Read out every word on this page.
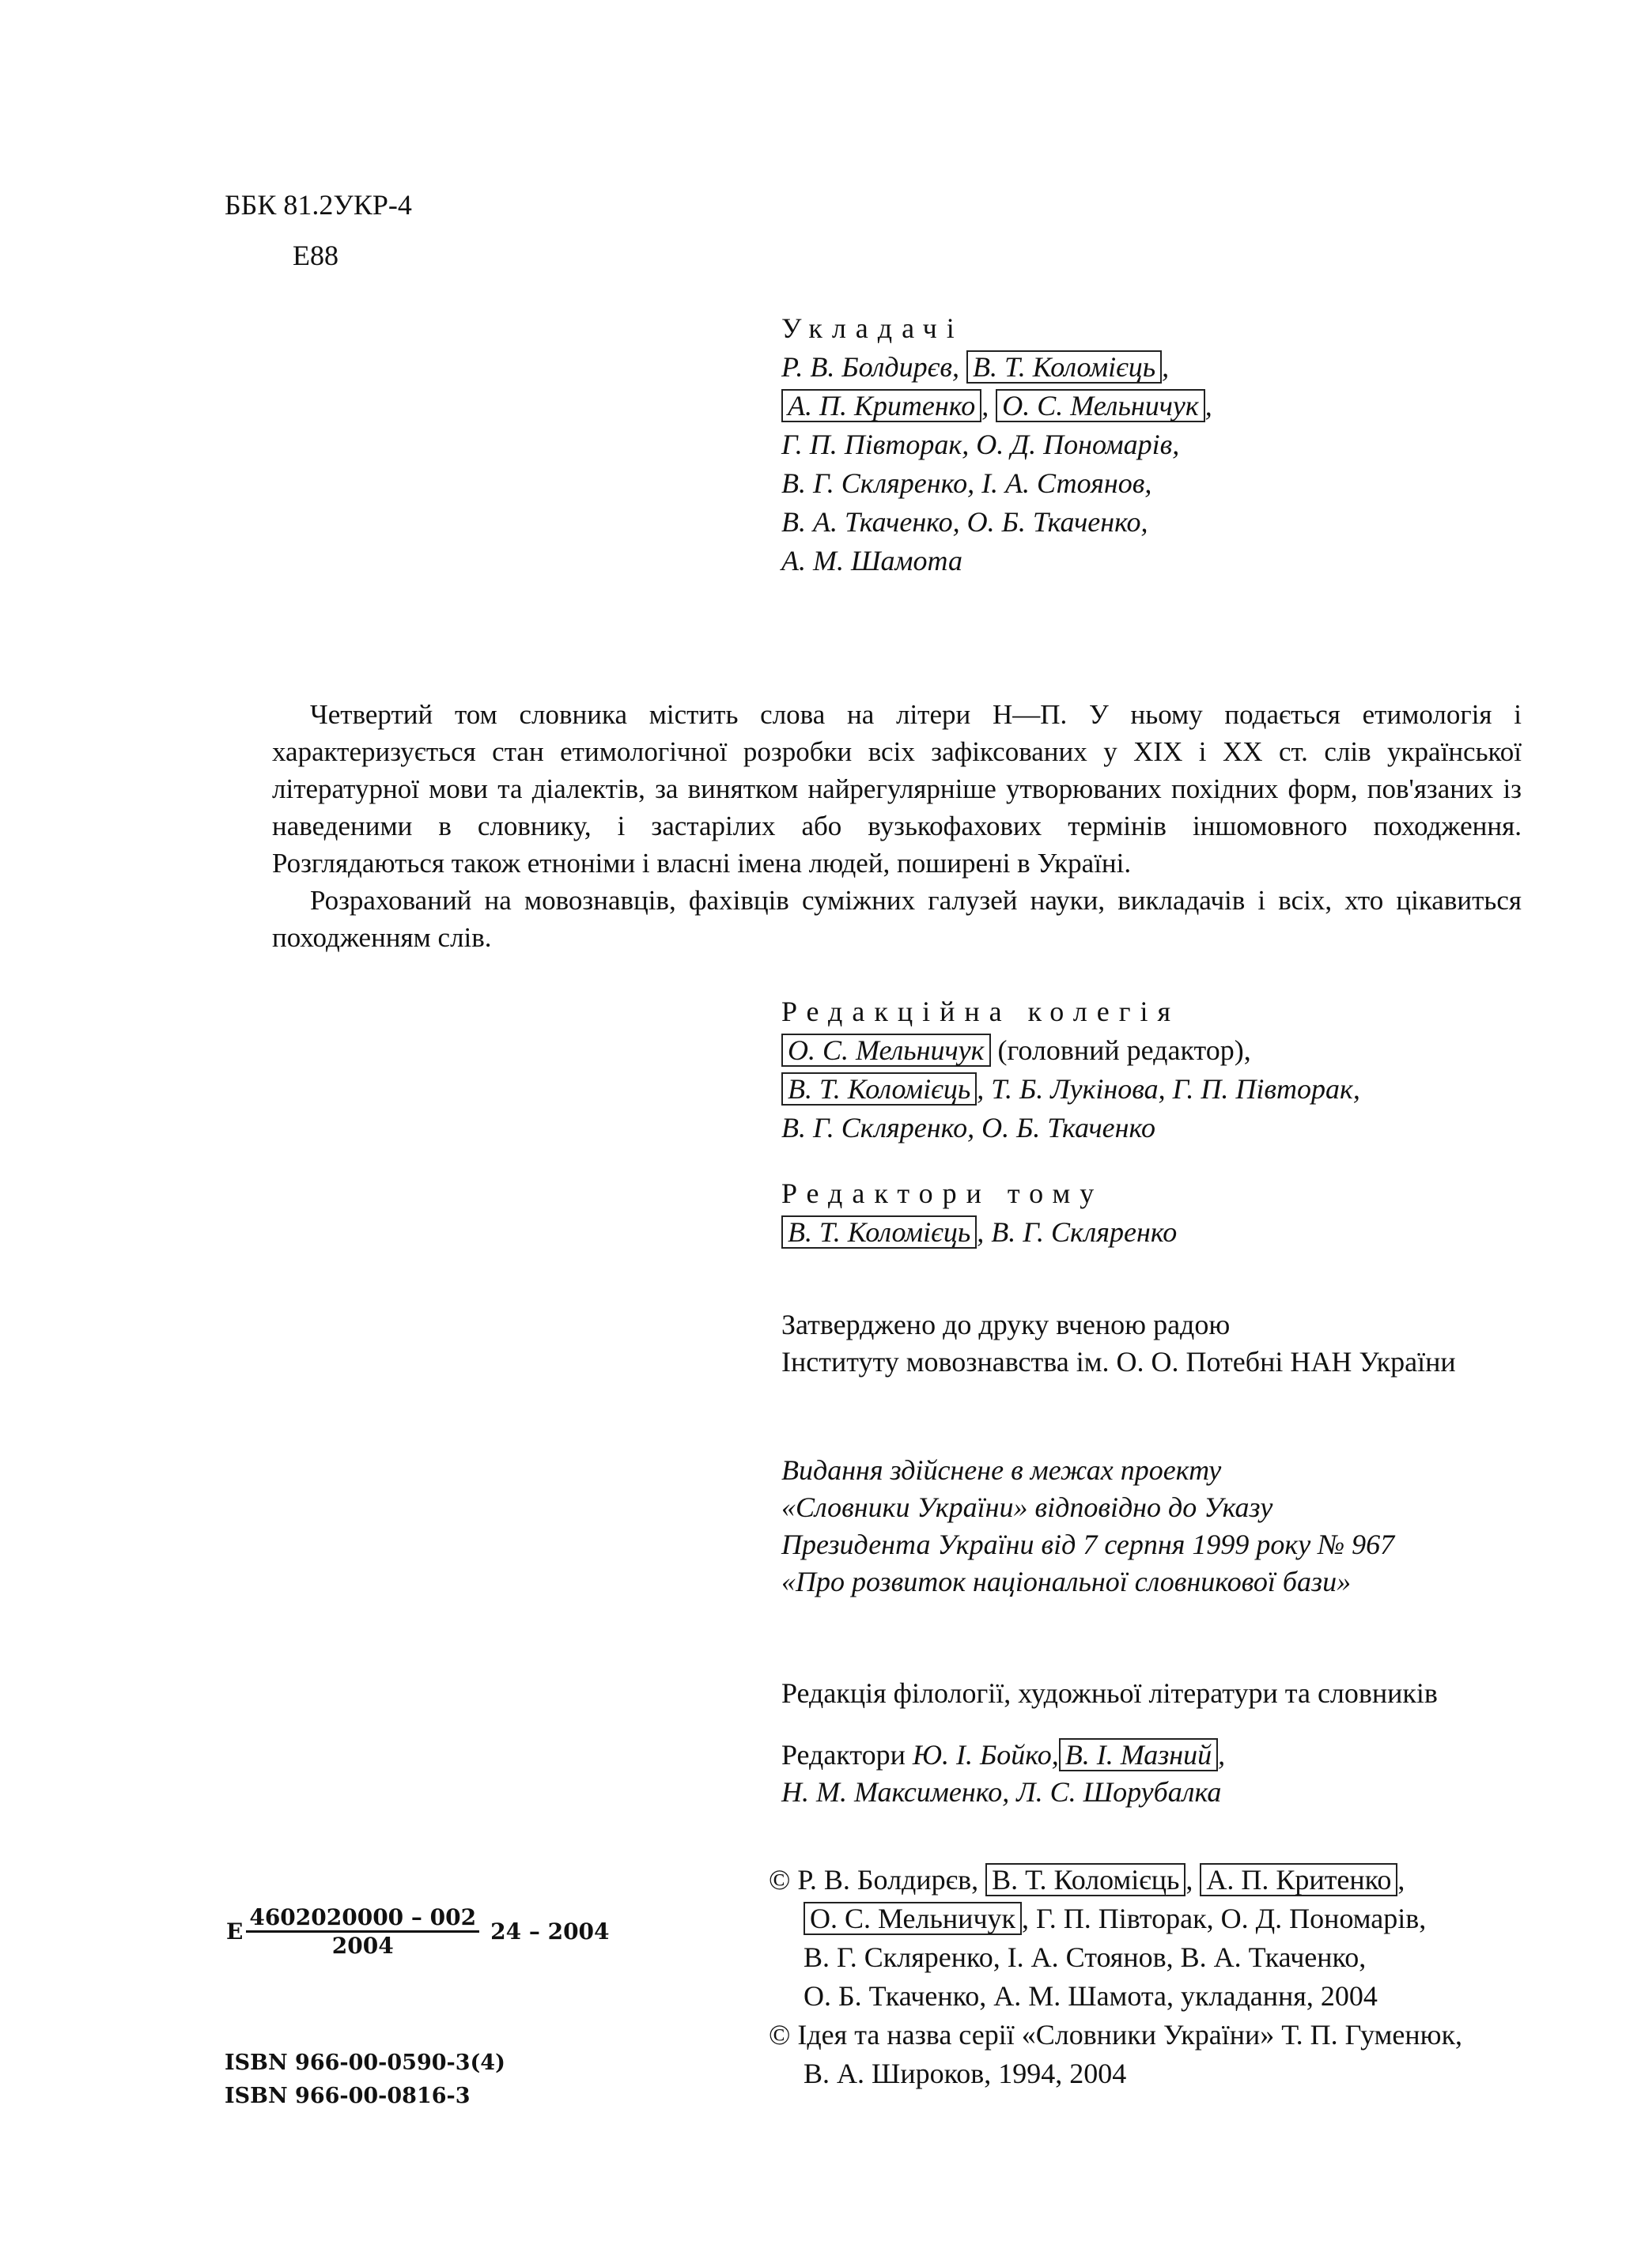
ББК 81.2УКР-4
Е88
Укладачі
Р. В. Болдирєв, В. Т. Коломієць ,
А. П. Критенко , О. С. Мельничук ,
Г. П. Півторак, О. Д. Пономарів,
В. Г. Скляренко, І. А. Стоянов,
В. А. Ткаченко, О. Б. Ткаченко,
А. М. Шамота

Четвертий том словника містить слова на літери Н—П. У ньому подається етимологія і характеризується стан етимологічної розробки всіх зафіксованих у XIX і XX ст. слів української літературної мови та діалектів, за винятком найрегулярніше утворюваних похідних форм, пов'язаних із наведеними в словнику, і застарілих або вузькофахових термінів іншомовного походження. Розглядаються також етноніми і власні імена людей, поширені в Україні.

Розрахований на мовознавців, фахівців суміжних галузей науки, викладачів і всіх, хто цікавиться походженням слів.

Редакційна колегія
О. С. Мельничук (головний редактор),
В. Т. Коломієць , Т. Б. Лукінова, Г. П. Півторак,
В. Г. Скляренко, О. Б. Ткаченко
Редактори тому
В. Т. Коломієць , В. Г. Скляренко
Затверджено до друку вченою радою
Інституту мовознавства ім. О. О. Потебні НАН України
Видання здійснене в межах проекту
«Словники України» відповідно до Указу
Президента України від 7 серпня 1999 року № 967
«Про розвиток національної словникової бази»
Редакція філології, художньої літератури та словників
Редактори Ю. І. Бойко, В. І. Мазний ,
Н. М. Максименко, Л. С. Шорубалка
Е $\frac{4602020000 - 002}{2004} 24 - 2004$
ISBN 966-00-0590-3(4)
ISBN 966-00-0816-3
© Р. В. Болдирєв, В. Т. Коломієць , А. П. Критенко ,
О. С. Мельничук , Г. П. Півторак, О. Д. Пономарів,
В. Г. Скляренко, І. А. Стоянов, В. А. Ткаченко,
О. Б. Ткаченко, А. М. Шамота, укладання, 2004
© Ідея та назва серії «Словники України» Т. П. Гуменюк,
В. А. Широков, 1994, 2004
